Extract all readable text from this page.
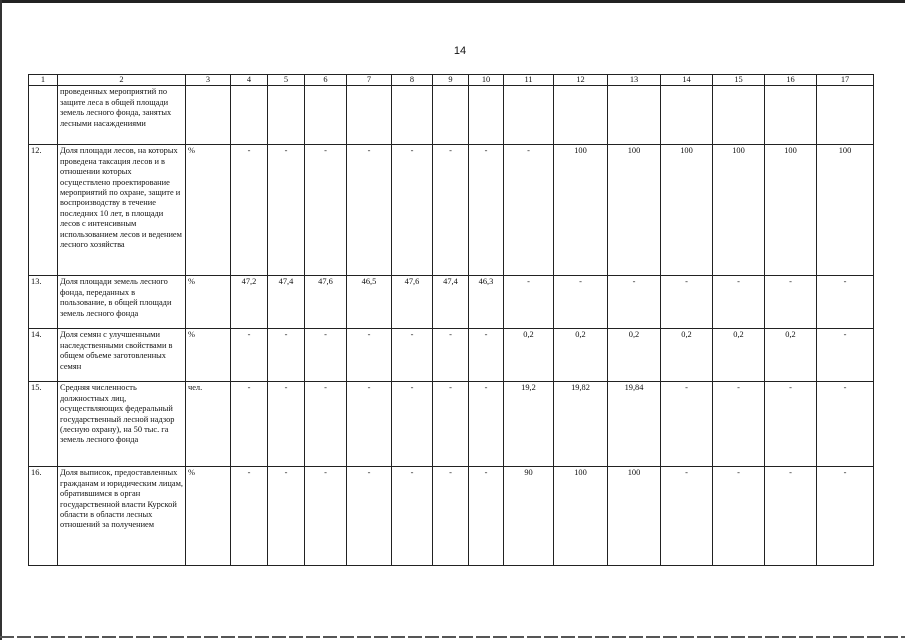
14
1	2	3	4	5	6	7	8	9	10	11	12	13	14	15	16	17
	проведенных мероприятий по защите леса в общей площади земель лесного фонда, занятых лесными насаждениями															
12.	Доля площади лесов, на которых проведена таксация лесов и в отношении которых осуществлено проектирование мероприятий по охране, защите и воспроизводству в течение последних 10 лет, в площади лесов с интенсивным использованием лесов и ведением лесного хозяйства	%	-	-	-	-	-	-	-	-	100	100	100	100	100	100
13.	Доля площади земель лесного фонда, переданных в пользование, в общей площади земель лесного фонда	%	47,2	47,4	47,6	46,5	47,6	47,4	46,3	-	-	-	-	-	-	-
14.	Доля семян с улучшенными наследственными свойствами в общем объеме заготовленных семян	%	-	-	-	-	-	-	-	0,2	0,2	0,2	0,2	0,2	0,2	-
15.	Средняя численность должностных лиц, осуществляющих федеральный государственный лесной надзор (лесную охрану), на 50 тыс. га земель лесного фонда	чел.	-	-	-	-	-	-	-	19,2	19,82	19,84	-	-	-	-
16.	Доля выписок, предоставленных гражданам и юридическим лицам, обратившимся в орган государственной власти Курской области в области лесных отношений за получением	%	-	-	-	-	-	-	-	90	100	100	-	-	-	-
